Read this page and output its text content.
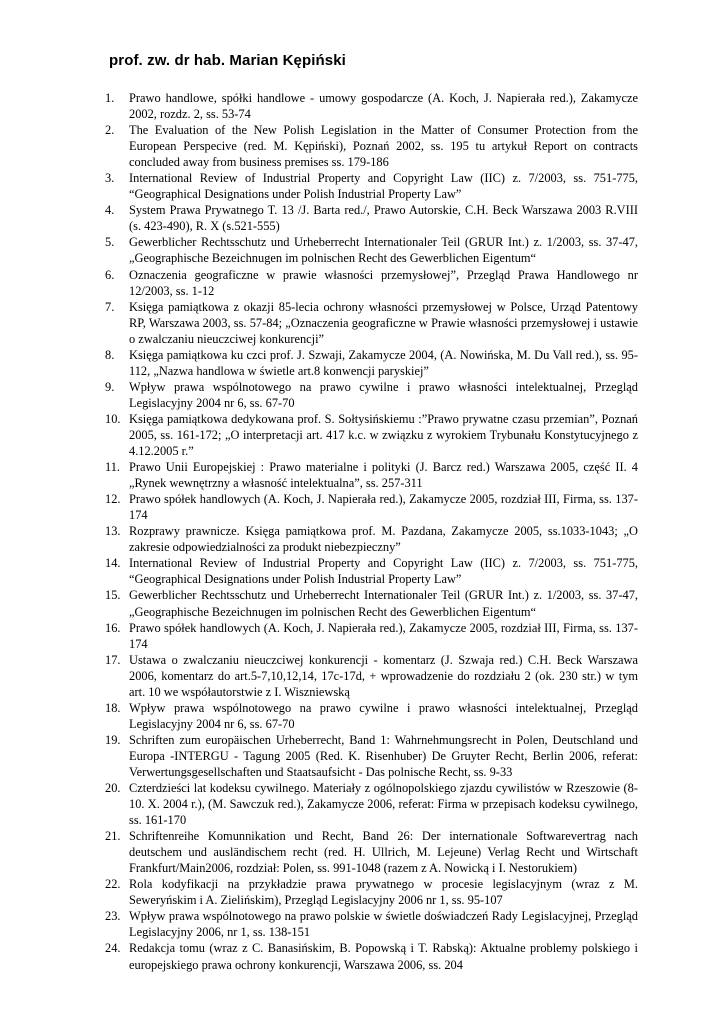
prof. zw. dr hab. Marian Kępiński
1.	Prawo handlowe, spółki handlowe - umowy gospodarcze (A. Koch, J. Napierała red.), Zakamycze 2002, rozdz. 2, ss. 53-74
2.	The Evaluation of the New Polish Legislation in the Matter of Consumer Protection from the European Perspecive (red. M. Kępiński), Poznań 2002, ss. 195 tu artykuł Report on contracts concluded away from business premises ss. 179-186
3.	International Review of Industrial Property and Copyright Law (IIC) z. 7/2003, ss. 751-775, “Geographical Designations under Polish Industrial Property Law”
4.	System Prawa Prywatnego T. 13 /J. Barta red./, Prawo Autorskie, C.H. Beck Warszawa 2003 R.VIII (s. 423-490), R. X (s.521-555)
5.	Gewerblicher Rechtsschutz und Urheberrecht Internationaler Teil (GRUR Int.) z. 1/2003, ss. 37-47, „Geographische Bezeichnugen im polnischen Recht des Gewerblichen Eigentum“
6.	Oznaczenia geograficzne w prawie własności przemysłowej”, Przegląd Prawa Handlowego nr 12/2003, ss. 1-12
7.	Księga pamiątkowa z okazji 85-lecia ochrony własności przemysłowej w Polsce, Urząd Patentowy RP, Warszawa 2003, ss. 57-84; „Oznaczenia geograficzne w Prawie własności przemysłowej i ustawie o zwalczaniu nieuczciwej konkurencji”
8.	Księga pamiątkowa ku czci prof. J. Szwaji, Zakamycze 2004, (A. Nowińska, M. Du Vall red.), ss. 95-112, „Nazwa handlowa w świetle art.8 konwencji paryskiej”
9.	Wpływ prawa wspólnotowego na prawo cywilne i prawo własności intelektualnej, Przegląd Legislacyjny 2004 nr 6, ss. 67-70
10. Księga pamiątkowa dedykowana prof. S. Sołtysińskiemu :”Prawo prywatne czasu przemian”, Poznań 2005, ss. 161-172; „O interpretacji art. 417 k.c. w związku z wyrokiem Trybunału Konstytucyjnego z 4.12.2005 r.”
11. Prawo Unii Europejskiej : Prawo materialne i polityki (J. Barcz red.) Warszawa 2005, część II. 4 „Rynek wewnętrzny a własność intelektualna”, ss. 257-311
12. Prawo spółek handlowych (A. Koch, J. Napierała red.), Zakamycze 2005, rozdział III, Firma, ss. 137-174
13. Rozprawy prawnicze. Księga pamiątkowa prof. M. Pazdana, Zakamycze 2005, ss.1033-1043; „O zakresie odpowiedzialności za produkt niebezpieczny”
14. International Review of Industrial Property and Copyright Law (IIC) z. 7/2003, ss. 751-775, “Geographical Designations under Polish Industrial Property Law”
15. Gewerblicher Rechtsschutz und Urheberrecht Internationaler Teil (GRUR Int.) z. 1/2003, ss. 37-47, „Geographische Bezeichnugen im polnischen Recht des Gewerblichen Eigentum“
16. Prawo spółek handlowych (A. Koch, J. Napierała red.), Zakamycze 2005, rozdział III, Firma, ss. 137-174
17. Ustawa o zwalczaniu nieuczciwej konkurencji - komentarz (J. Szwaja red.) C.H. Beck Warszawa 2006, komentarz do art.5-7,10,12,14, 17c-17d, + wprowadzenie do rozdziału 2 (ok. 230 str.) w tym art. 10 we współautorstwie z I. Wiszniewską
18. Wpływ prawa wspólnotowego na prawo cywilne i prawo własności intelektualnej, Przegląd Legislacyjny 2004 nr 6, ss. 67-70
19. Schriften zum europäischen Urheberrecht, Band 1: Wahrnehmungsrecht in Polen, Deutschland und Europa -INTERGU - Tagung 2005 (Red. K. Risenhuber) De Gruyter Recht, Berlin 2006, referat: Verwertungsgesellschaften und Staatsaufsicht - Das polnische Recht, ss. 9-33
20. Czterdzieści lat kodeksu cywilnego. Materiały z ogólnopolskiego zjazdu cywilistów w Rzeszowie (8-10. X. 2004 r.), (M. Sawczuk red.), Zakamycze 2006, referat: Firma w przepisach kodeksu cywilnego, ss. 161-170
21. Schriftenreihe Komunnikation und Recht, Band 26: Der internationale Softwarevertrag nach deutschem und ausländischem recht (red. H. Ullrich, M. Lejeune) Verlag Recht und Wirtschaft Frankfurt/Main2006, rozdział: Polen, ss. 991-1048 (razem z A. Nowicką i I. Nestorukiem)
22. Rola kodyfikacji na przykładzie prawa prywatnego w procesie legislacyjnym (wraz z M. Seweryńskim i A. Zielińskim), Przegląd Legislacyjny 2006 nr 1, ss. 95-107
23. Wpływ prawa wspólnotowego na prawo polskie w świetle doświadczeń Rady Legislacyjnej, Przegląd Legislacyjny 2006, nr 1, ss. 138-151
24. Redakcja tomu (wraz z C. Banasińskim, B. Popowską i T. Rabską): Aktualne problemy polskiego i europejskiego prawa ochrony konkurencji, Warszawa 2006, ss. 204
